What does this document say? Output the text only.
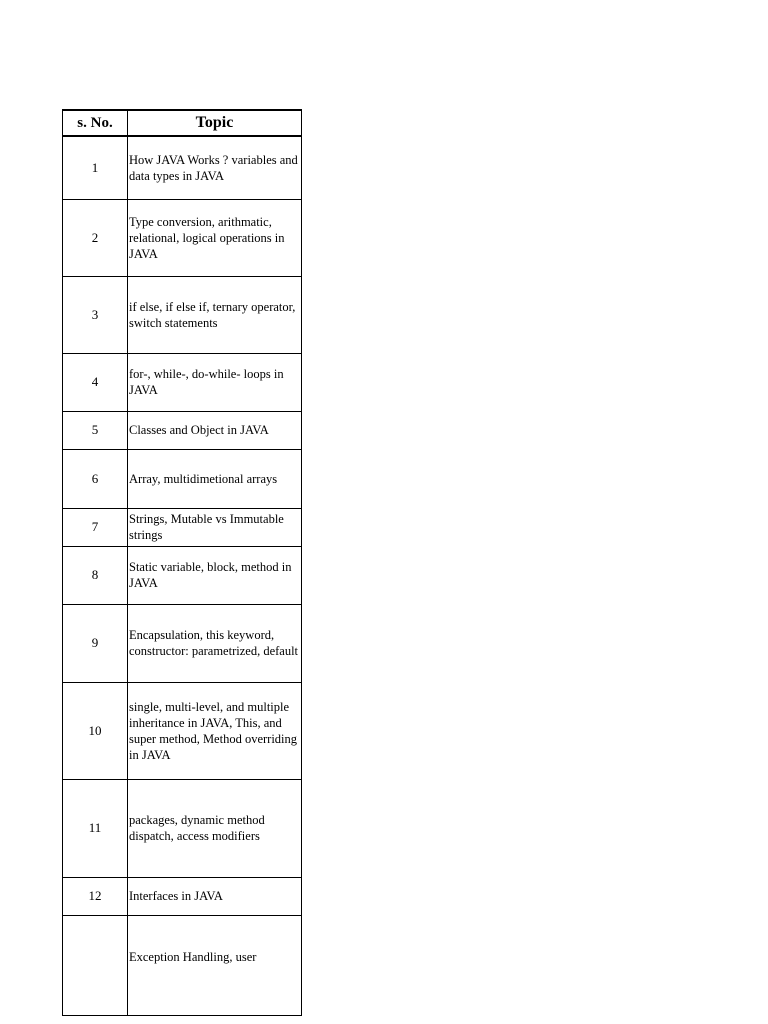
s. No.	Topic
1	How JAVA Works ? variables and data types in JAVA
2	Type conversion, arithmatic, relational, logical operations in JAVA
3	if else, if else if, ternary operator, switch statements
4	for-, while-, do-while- loops in JAVA
5	Classes and Object in JAVA
6	Array, multidimetional arrays
7	Strings, Mutable vs Immutable strings
8	Static variable, block, method in JAVA
9	Encapsulation, this keyword, constructor: parametrized, default
10	single, multi-level, and multiple inheritance in JAVA, This, and super method, Method overriding in JAVA
11	packages, dynamic method dispatch, access modifiers
12	Interfaces in JAVA
	Exception Handling, user
